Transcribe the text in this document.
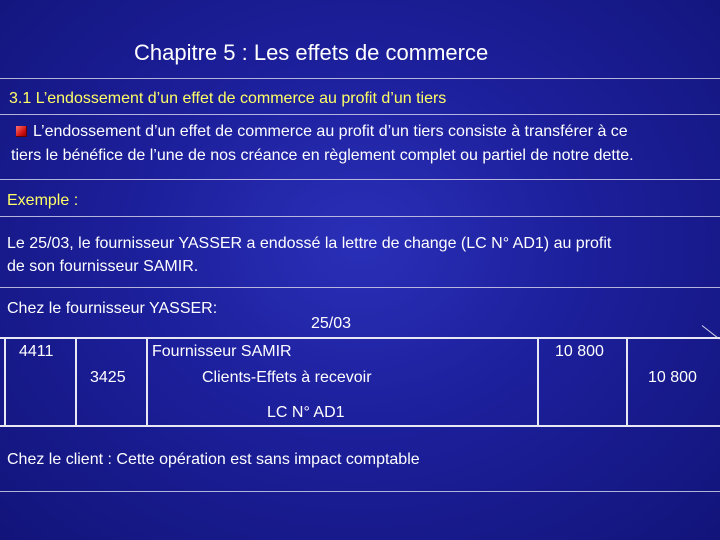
Chapitre 5 : Les effets de commerce
3.1 L’endossement d’un effet de commerce au profit d’un tiers
L’endossement d’un effet de commerce au profit d’un tiers consiste à transférer à ce
tiers le bénéfice de l’une de nos créance en règlement complet ou partiel de notre dette.
Exemple :
Le 25/03, le fournisseur YASSER a endossé la lettre de change (LC N° AD1) au profit
de son fournisseur SAMIR.
Chez le fournisseur YASSER:
25/03
4411
3425
Fournisseur SAMIR
Clients-Effets à recevoir
LC N° AD1
10 800
10 800
Chez le client : Cette opération est sans impact comptable
